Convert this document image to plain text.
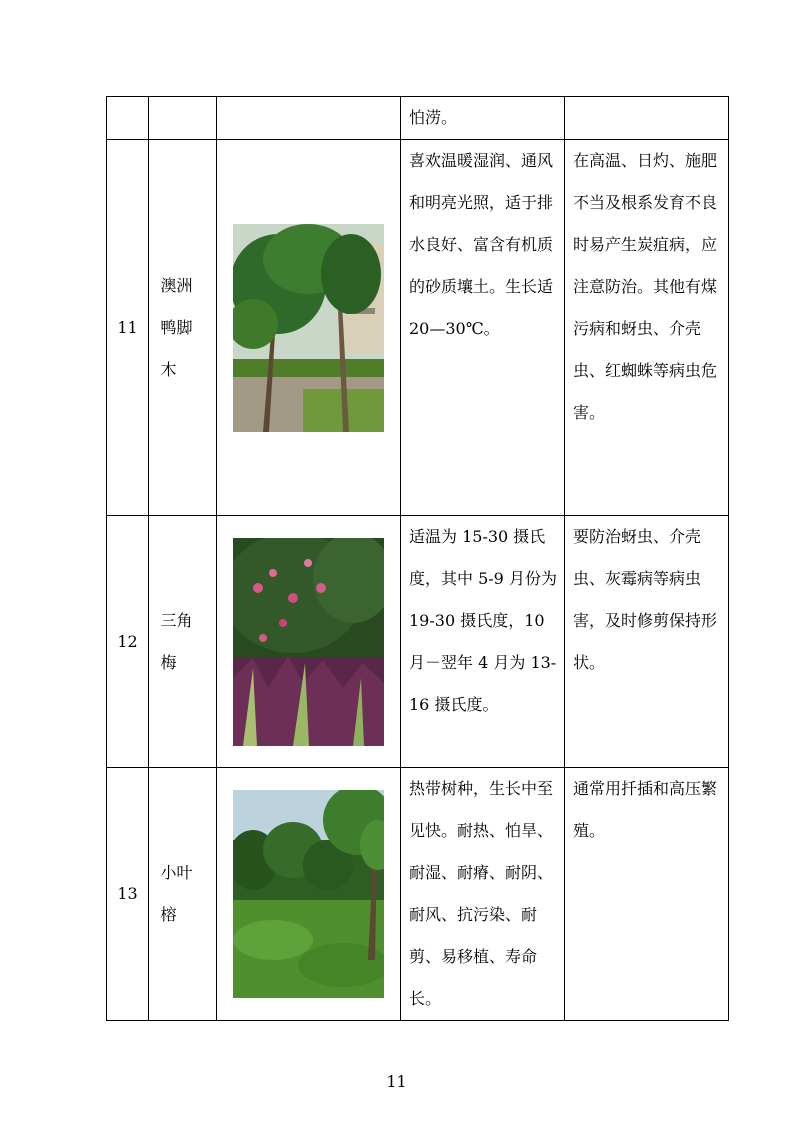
			怕涝。	
11	澳洲鸭脚木		喜欢温暖湿润、通风和明亮光照，适于排水良好、富含有机质的砂质壤土。生长适 20—30℃。	在高温、日灼、施肥不当及根系发育不良时易产生炭疽病，应注意防治。其他有煤污病和蚜虫、介壳虫、红蜘蛛等病虫危害。
12	三角梅		适温为 15-30 摄氏度，其中 5-9 月份为 19-30 摄氏度，10 月－翌年 4 月为 13-16 摄氏度。	要防治蚜虫、介壳虫、灰霉病等病虫害，及时修剪保持形状。
13	小叶榕		热带树种，生长中至见快。耐热、怕旱、耐湿、耐瘠、耐阴、耐风、抗污染、耐剪、易移植、寿命长。	通常用扦插和高压繁殖。
11
